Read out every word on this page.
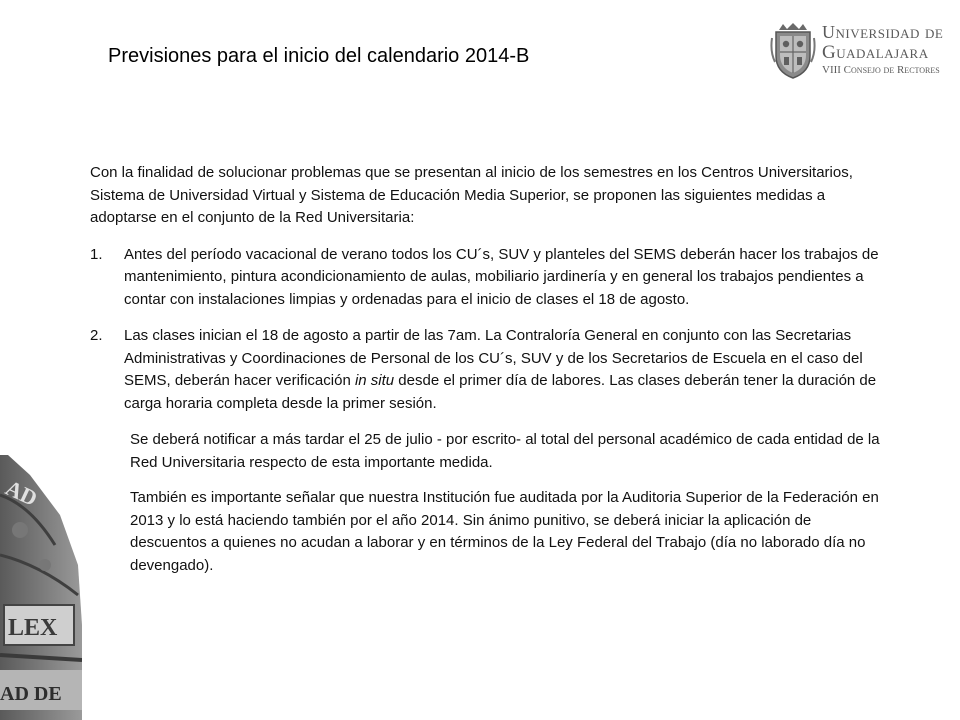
Previsiones para el inicio del calendario 2014-B
Universidad de
Guadalajara
VIII Consejo de Rectores

Con la finalidad de solucionar problemas que se presentan al inicio de los semestres en los Centros Universitarios, Sistema de Universidad Virtual y Sistema de Educación Media Superior, se proponen las siguientes medidas a adoptarse en el conjunto de la Red Universitaria:

1. Antes del período vacacional de verano todos los CU´s, SUV y planteles del SEMS deberán hacer los trabajos de mantenimiento, pintura acondicionamiento de aulas, mobiliario jardinería y en general los trabajos pendientes a contar con instalaciones limpias y ordenadas para el inicio de clases el 18 de agosto.
2. Las clases inician el 18 de agosto a partir de las 7am. La Contraloría General en conjunto con las Secretarias Administrativas y Coordinaciones de Personal de los CU´s, SUV y de los Secretarios de Escuela en el caso del SEMS, deberán hacer verificación in situ desde el primer día de labores. Las clases deberán tener la duración de carga horaria completa desde la primer sesión.

Se deberá notificar a más tardar el 25 de julio - por escrito- al total del personal académico de cada entidad de la Red Universitaria respecto de esta importante medida.

También es importante señalar que nuestra Institución fue auditada por la Auditoria Superior de la Federación en 2013 y lo está haciendo también por el año 2014. Sin ánimo punitivo, se deberá iniciar la aplicación de descuentos a quienes no acudan a laborar y en términos de la Ley Federal del Trabajo (día no laborado día no devengado).

AD
LEX
AD DE
